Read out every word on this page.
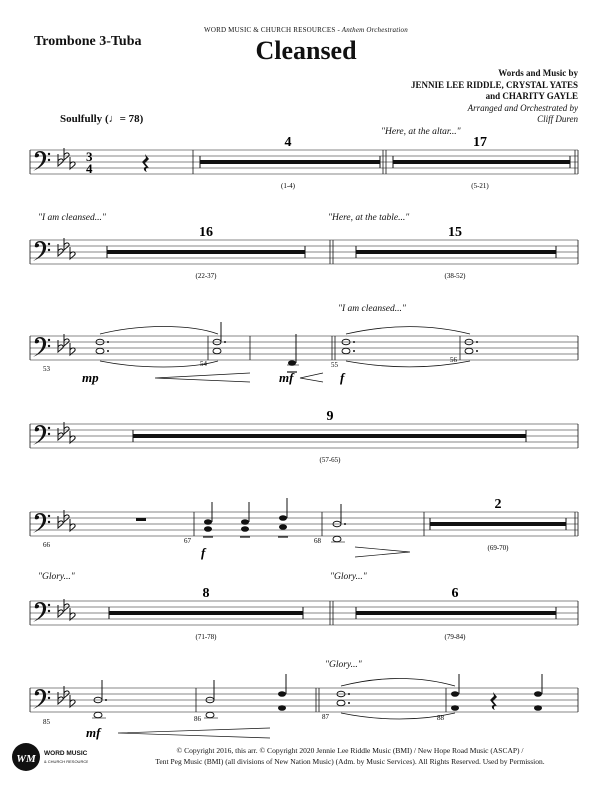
WORD MUSIC & CHURCH RESOURCES - Anthem Orchestration
Trombone 3-Tuba	Cleansed
Words and Music by
JENNIE LEE RIDDLE, CRYSTAL YATES
and CHARITY GAYLE
Arranged and Orchestrated by
Cliff Duren
Soulfully (♩= 78)
"Here, at the altar..."
"I am cleansed..."	"Here, at the table..."
"I am cleansed..."
"Glory..."	"Glory..."
"Glory..."
3
4
4
(1-4)
17
(5-21)
16
(22-37)
15
(38-52)
53
54	55
56
mp	mf	f
9
(57-65)
66	67	68
2
(69-70)
f
8
(71-78)
6
(79-84)
85	86	87	88
mf
WM WORD MUSIC
& CHURCH RESOURCES
© Copyright 2016, this arr. © Copyright 2020 Jennie Lee Riddle Music (BMI) / New Hope Road Music (ASCAP) /
Tent Peg Music (BMI) (all divisions of New Nation Music) (Adm. by Music Services). All Rights Reserved. Used by Permission.
